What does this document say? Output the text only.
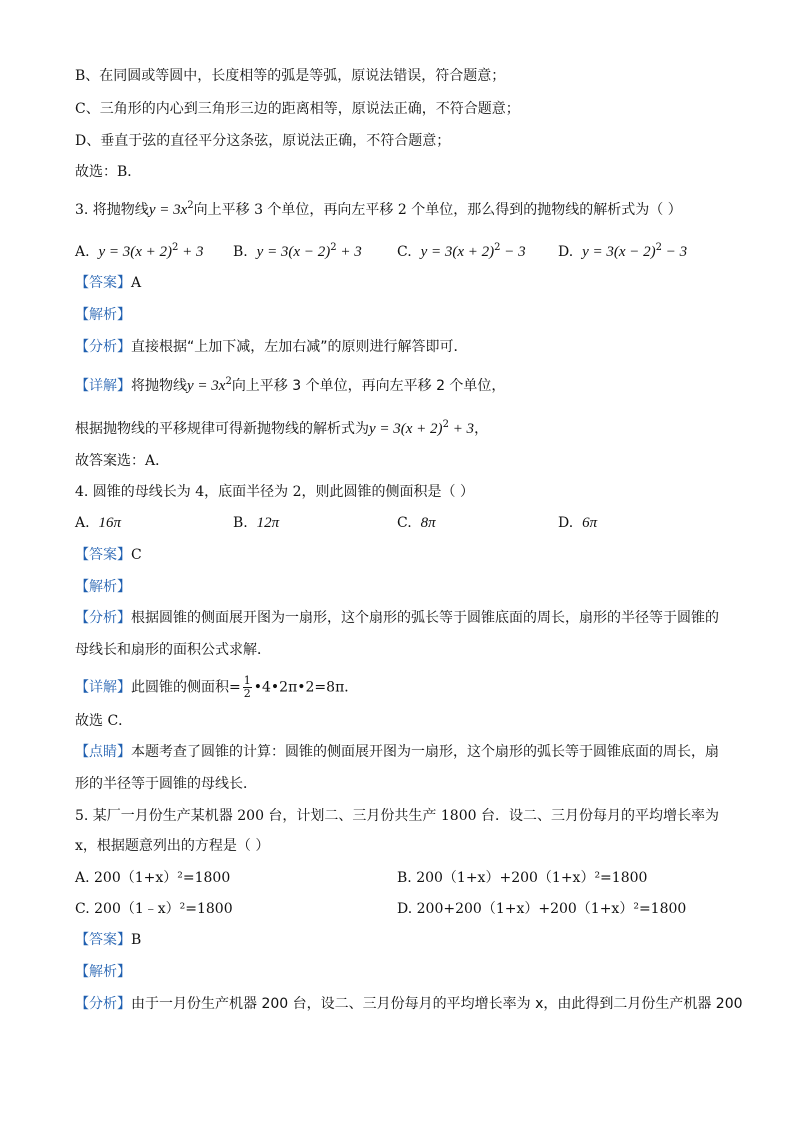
B、在同圆或等圆中，长度相等的弧是等弧，原说法错误，符合题意；
C、三角形的内心到三角形三边的距离相等，原说法正确，不符合题意；
D、垂直于弦的直径平分这条弦，原说法正确，不符合题意；
故选：B．
3. 将抛物线$y = 3x^2$向上平移 3 个单位，再向左平移 2 个单位，那么得到的抛物线的解析式为（ ）
A. $y = 3(x + 2)^2 + 3$ B. $y = 3(x - 2)^2 + 3$	C. $y = 3(x + 2)^2 - 3$ D. $y = 3(x - 2)^2 - 3$
【答案】A
【解析】
【分析】直接根据“上加下减，左加右减”的原则进行解答即可．
【详解】将抛物线$y = 3x^2$向上平移 3 个单位，再向左平移 2 个单位，
根据抛物线的平移规律可得新抛物线的解析式为$y = 3(x + 2)^2 + 3$，
故答案选：A．
4. 圆锥的母线长为 4，底面半径为 2，则此圆锥的侧面积是（ ）
A. 16π	B. 12π	C. 8π	D. 6π
【答案】C
【解析】
【分析】根据圆锥的侧面展开图为一扇形，这个扇形的弧长等于圆锥底面的周长，扇形的半径等于圆锥的
母线长和扇形的面积公式求解．
【详解】此圆锥的侧面积= $\frac{1}{2}$ •4•2π•2=8π．
故选 C．
【点睛】本题考查了圆锥的计算：圆锥的侧面展开图为一扇形，这个扇形的弧长等于圆锥底面的周长，扇
形的半径等于圆锥的母线长．
5. 某厂一月份生产某机器 200 台，计划二、三月份共生产 1800 台．设二、三月份每月的平均增长率为
x，根据题意列出的方程是（ ）
A. 200（1+x）²=1800	B. 200（1+x）+200（1+x）²=1800
C. 200（1﹣x）²=1800	D. 200+200（1+x）+200（1+x）²=1800
【答案】B
【解析】
【分析】由于一月份生产机器 200 台，设二、三月份每月的平均增长率为 x，由此得到二月份生产机器 200
